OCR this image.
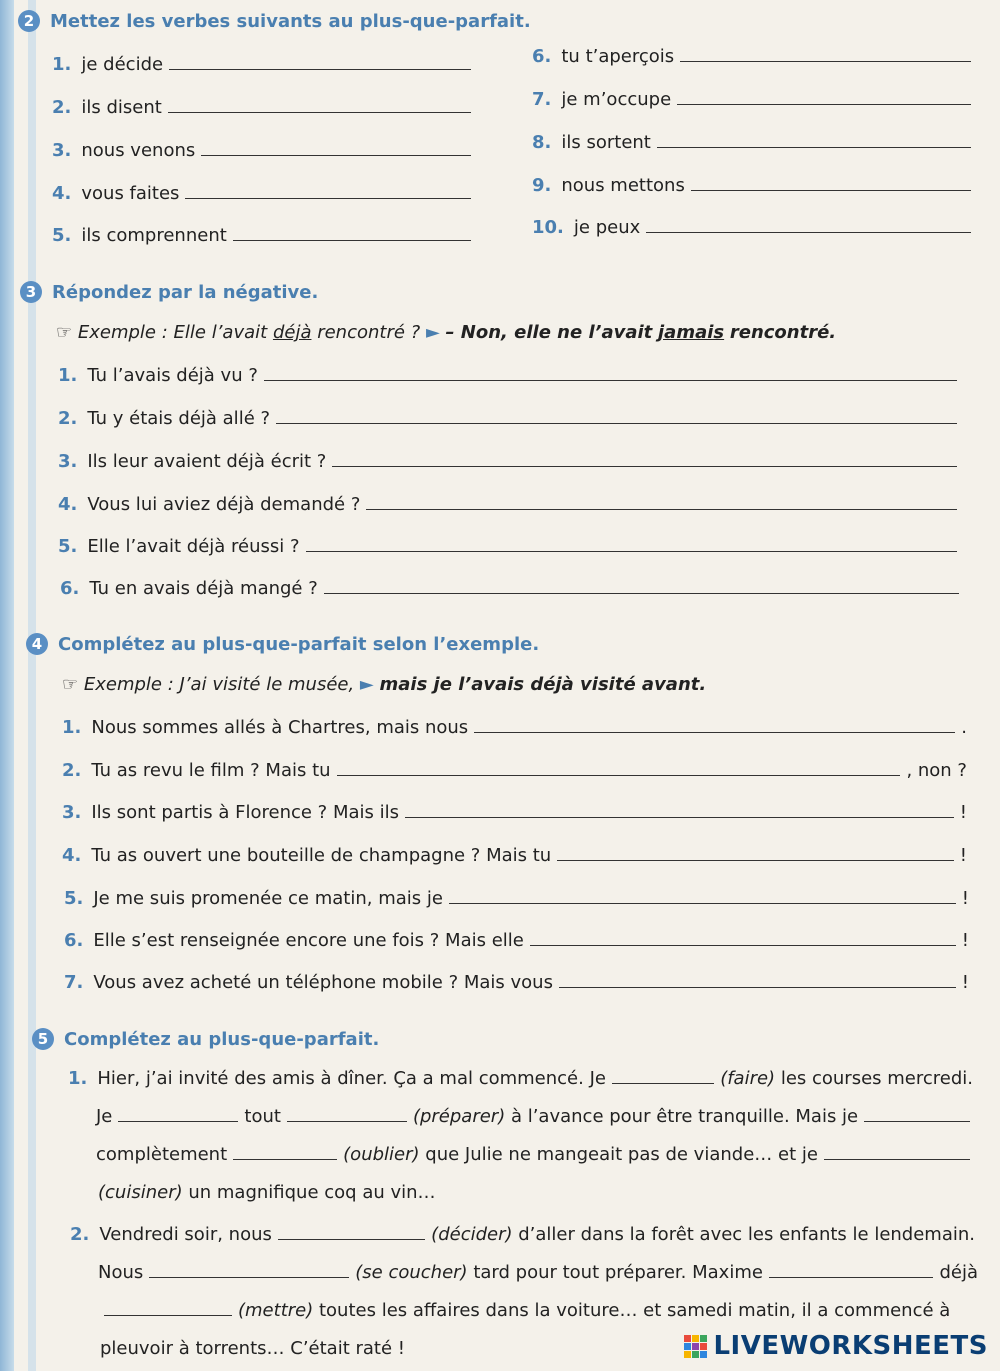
2 Mettez les verbes suivants au plus-que-parfait.
1. je décide
2. ils disent
3. nous venons
4. vous faites
5. ils comprennent
6. tu t’aperçois
7. je m’occupe
8. ils sortent
9. nous mettons
10. je peux
3 Répondez par la négative.
☞ Exemple : Elle l’avait déjà rencontré ? ► – Non, elle ne l’avait jamais rencontré.
1. Tu l’avais déjà vu ?
2. Tu y étais déjà allé ?
3. Ils leur avaient déjà écrit ?
4. Vous lui aviez déjà demandé ?
5. Elle l’avait déjà réussi ?
6. Tu en avais déjà mangé ?
4 Complétez au plus-que-parfait selon l’exemple.
☞ Exemple : J’ai visité le musée, ► mais je l’avais déjà visité avant.
1. Nous sommes allés à Chartres, mais nous	.
2. Tu as revu le film ? Mais tu	, non ?
3. Ils sont partis à Florence ? Mais ils	!
4. Tu as ouvert une bouteille de champagne ? Mais tu	!
5. Je me suis promenée ce matin, mais je	!
6. Elle s’est renseignée encore une fois ? Mais elle	!
7. Vous avez acheté un téléphone mobile ? Mais vous	!
5 Complétez au plus-que-parfait.
1. Hier, j’ai invité des amis à dîner. Ça a mal commencé. Je	(faire)
les courses mercredi.
Je	tout	(préparer)
à l’avance pour être tranquille. Mais je
complètement	(oublier)
que Julie ne mangeait pas de viande… et je
(cuisiner)
un magnifique coq au vin…
2. Vendredi soir, nous	(décider)
d’aller dans la forêt avec les enfants le lendemain.
Nous	(se coucher)
tard pour tout préparer. Maxime	déjà
(mettre)
toutes les affaires dans la voiture… et samedi matin, il a commencé à
pleuvoir à torrents… C’était raté !	LIVEWORKSHEETS
